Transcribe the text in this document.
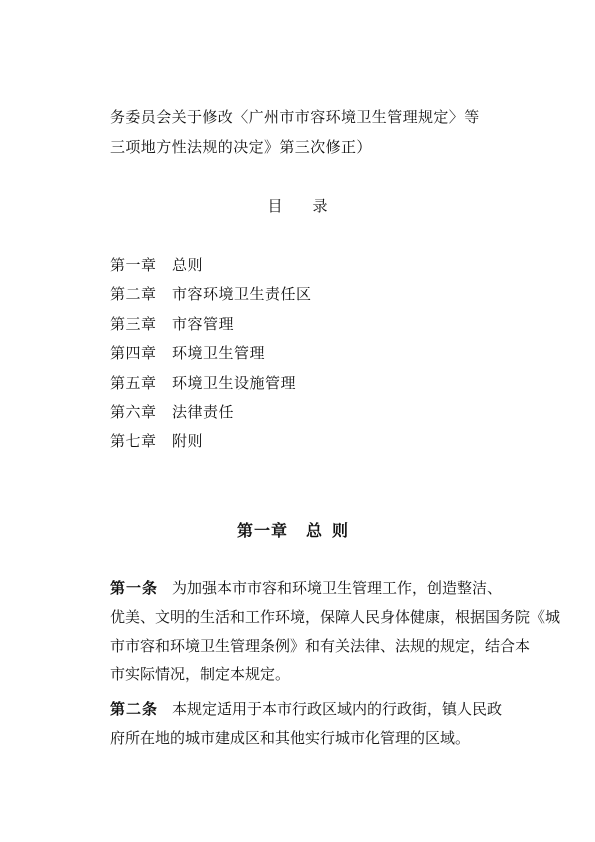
务委员会关于修改〈广州市市容环境卫生管理规定〉等
三项地方性法规的决定》第三次修正）
目录
第一章 总则
第二章 市容环境卫生责任区
第三章 市容管理
第四章 环境卫生管理
第五章 环境卫生设施管理
第六章 法律责任
第七章 附则
第一章 总则
第一条 为加强本市市容和环境卫生管理工作，创造整洁、
优美、文明的生活和工作环境，保障人民身体健康，根据国务院《城
市市容和环境卫生管理条例》和有关法律、法规的规定，结合本
市实际情况，制定本规定。
第二条 本规定适用于本市行政区域内的行政街，镇人民政
府所在地的城市建成区和其他实行城市化管理的区域。
